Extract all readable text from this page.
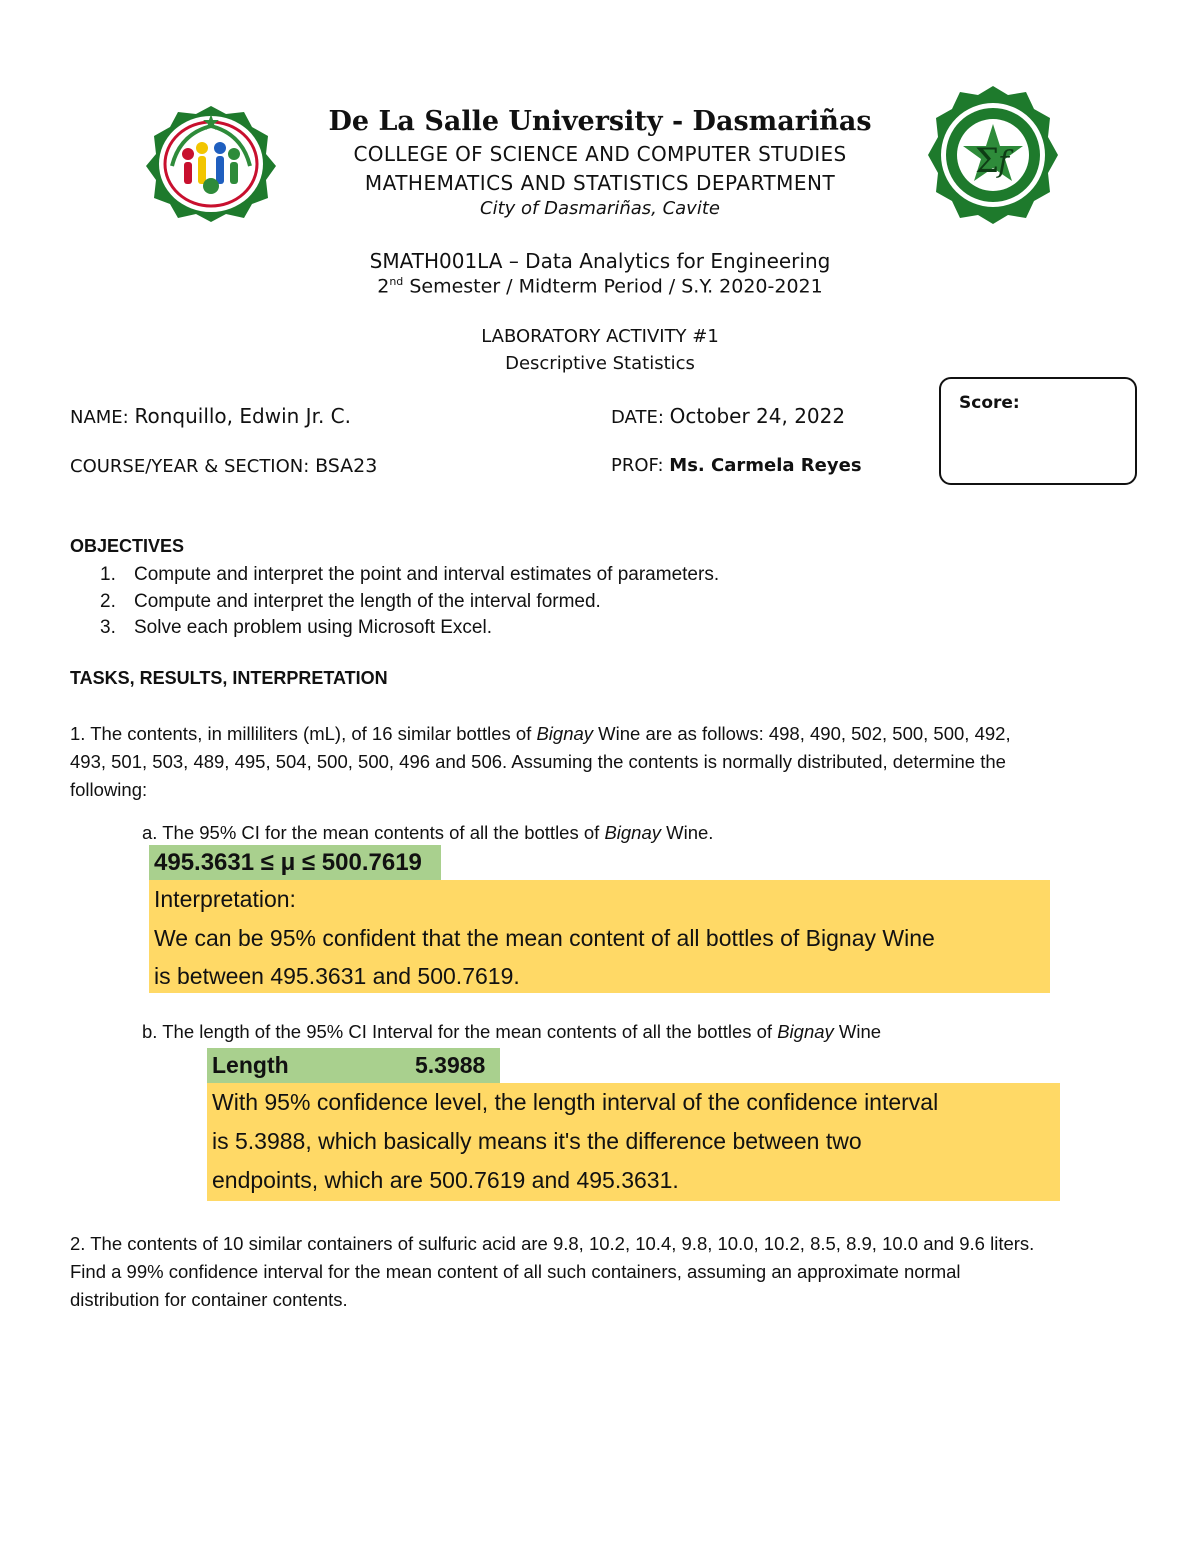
Σ
f
De La Salle University - Dasmariñas
COLLEGE OF SCIENCE AND COMPUTER STUDIES
MATHEMATICS AND STATISTICS DEPARTMENT
City of Dasmariñas, Cavite
SMATH001LA – Data Analytics for Engineering
2nd Semester / Midterm Period / S.Y. 2020-2021
LABORATORY ACTIVITY #1
Descriptive Statistics
NAME: Ronquillo, Edwin Jr. C.	DATE: October 24, 2022
COURSE/YEAR & SECTION: BSA23	PROF: Ms. Carmela Reyes
Score:
OBJECTIVES
1. Compute and interpret the point and interval estimates of parameters.
2. Compute and interpret the length of the interval formed.
3. Solve each problem using Microsoft Excel.
TASKS, RESULTS, INTERPRETATION
1. The contents, in milliliters (mL), of 16 similar bottles of Bignay Wine are as follows: 498, 490, 502, 500, 500, 492,
493, 501, 503, 489, 495, 504, 500, 500, 496 and 506. Assuming the contents is normally distributed, determine the
following:
a. The 95% CI for the mean contents of all the bottles of Bignay Wine.
495.3631 ≤ μ ≤ 500.7619
Interpretation:
We can be 95% confident that the mean content of all bottles of Bignay Wine
is between 495.3631 and 500.7619.
b. The length of the 95% CI Interval for the mean contents of all the bottles of Bignay Wine
Length	5.3988
With 95% confidence level, the length interval of the confidence interval
is 5.3988, which basically means it's the difference between two
endpoints, which are 500.7619 and 495.3631.
2. The contents of 10 similar containers of sulfuric acid are 9.8, 10.2, 10.4, 9.8, 10.0, 10.2, 8.5, 8.9, 10.0 and 9.6 liters.
Find a 99% confidence interval for the mean content of all such containers, assuming an approximate normal
distribution for container contents.
